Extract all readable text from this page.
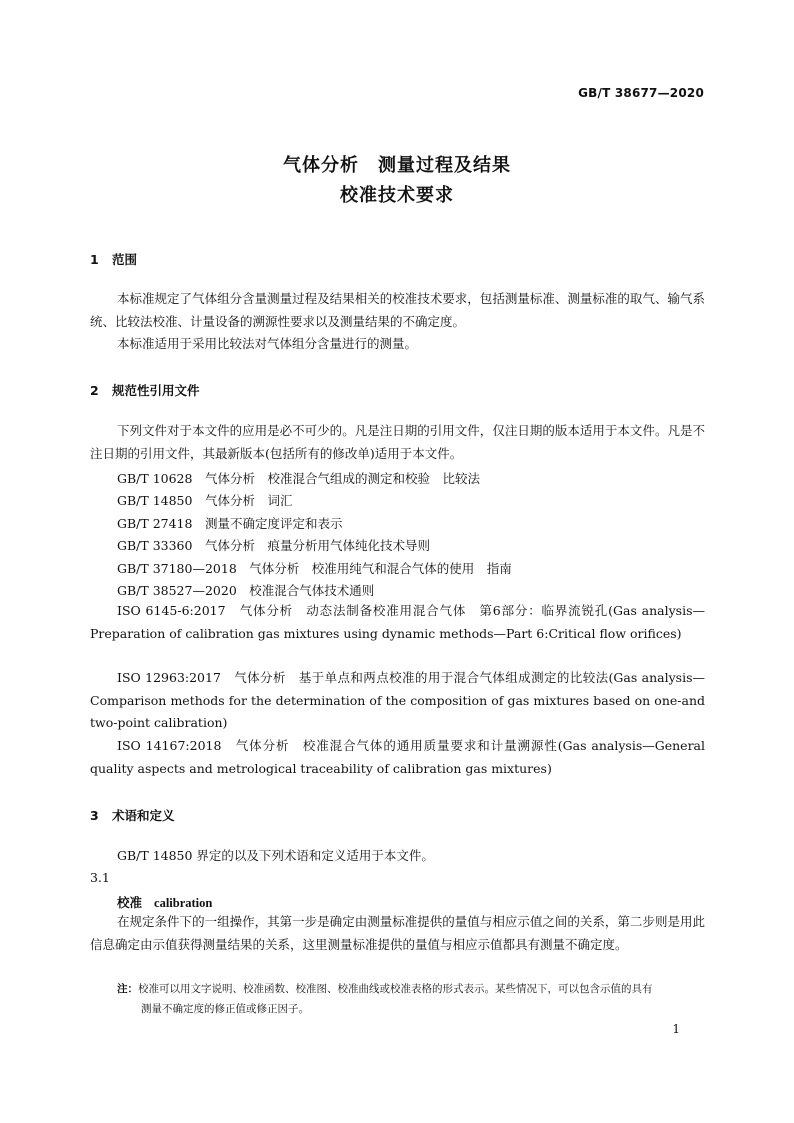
GB/T 38677—2020
气体分析　测量过程及结果
校准技术要求
1 范围
本标准规定了气体组分含量测量过程及结果相关的校准技术要求，包括测量标准、测量标准的取气、输气系统、比较法校准、计量设备的溯源性要求以及测量结果的不确定度。
本标准适用于采用比较法对气体组分含量进行的测量。
2 规范性引用文件
下列文件对于本文件的应用是必不可少的。凡是注日期的引用文件，仅注日期的版本适用于本文件。凡是不注日期的引用文件，其最新版本(包括所有的修改单)适用于本文件。
GB/T 10628　气体分析　校准混合气组成的测定和校验　比较法
GB/T 14850　气体分析　词汇
GB/T 27418　测量不确定度评定和表示
GB/T 33360　气体分析　痕量分析用气体纯化技术导则
GB/T 37180—2018　气体分析　校准用纯气和混合气体的使用　指南
GB/T 38527—2020　校准混合气体技术通则
ISO 6145-6:2017　气体分析　动态法制备校准用混合气体　第6部分：临界流锐孔(Gas analysis—Preparation of calibration gas mixtures using dynamic methods—Part 6:Critical flow orifices)
ISO 12963:2017　气体分析　基于单点和两点校准的用于混合气体组成测定的比较法(Gas analysis—Comparison methods for the determination of the composition of gas mixtures based on one-and two-point calibration)
ISO 14167:2018　气体分析　校准混合气体的通用质量要求和计量溯源性(Gas analysis—General quality aspects and metrological traceability of calibration gas mixtures)
3 术语和定义
GB/T 14850 界定的以及下列术语和定义适用于本文件。
3.1
校准 calibration
在规定条件下的一组操作，其第一步是确定由测量标准提供的量值与相应示值之间的关系，第二步则是用此信息确定由示值获得测量结果的关系，这里测量标准提供的量值与相应示值都具有测量不确定度。
注：校准可以用文字说明、校准函数、校准图、校准曲线或校准表格的形式表示。某些情况下，可以包含示值的具有
测量不确定度的修正值或修正因子。
1
